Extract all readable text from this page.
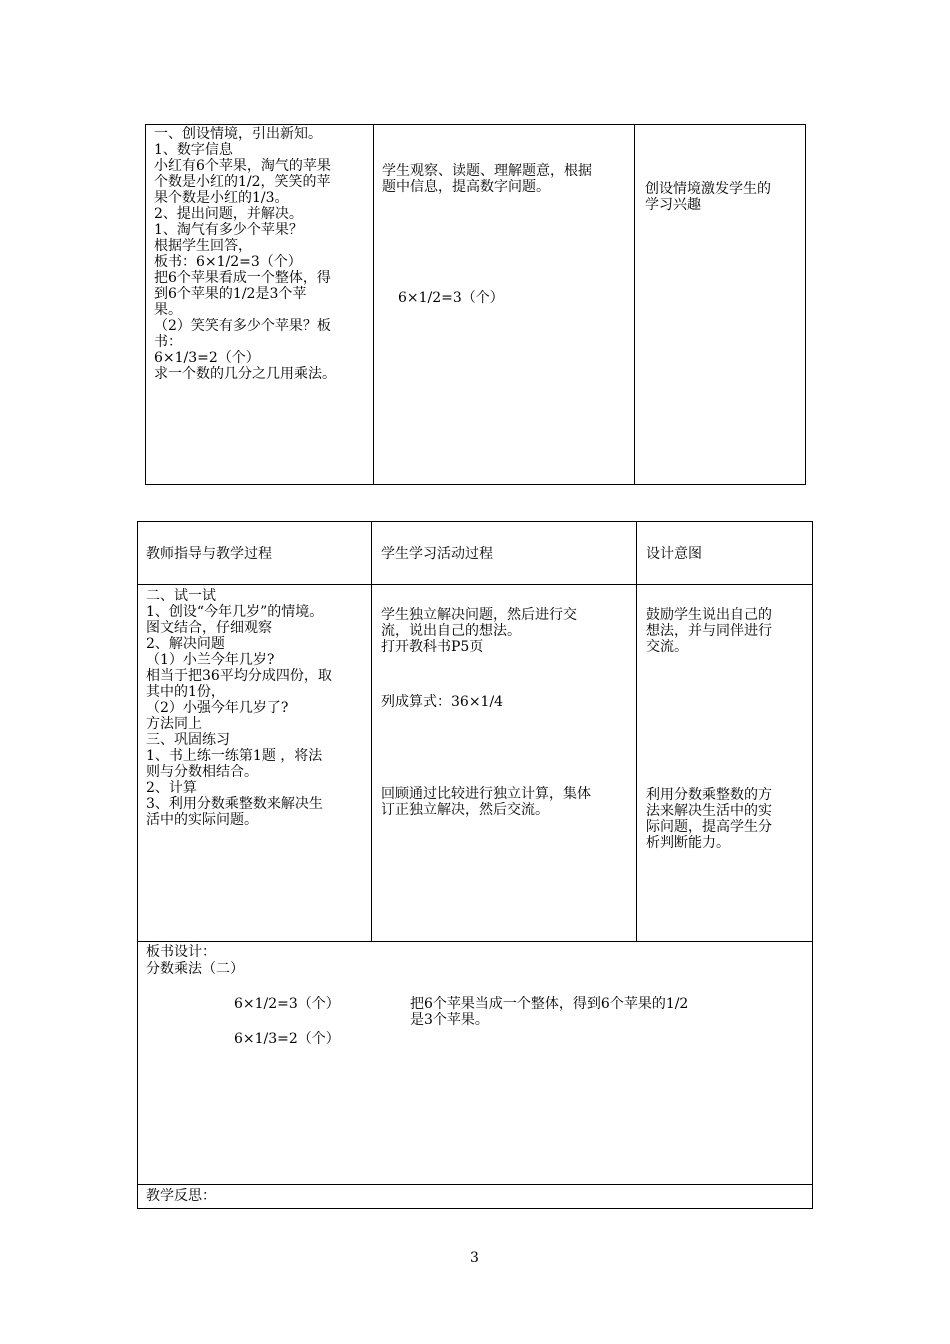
一、创设情境，引出新知。
1、数字信息
小红有6个苹果，淘气的苹果
个数是小红的1/2，笑笑的苹
果个数是小红的1/3。
2、提出问题，并解决。
1、淘气有多少个苹果？
根据学生回答，
板书：6×1/2=3（个）
把6个苹果看成一个整体，得
到6个苹果的1/2是3个苹
果。
（2）笑笑有多少个苹果？板
书：
6×1/3=2（个）
求一个数的几分之几用乘法。
学生观察、读题、理解题意，根据
题中信息，提高数字问题。
6×1/2=3（个）
创设情境激发学生的
学习兴趣
教师指导与教学过程	学生学习活动过程	设计意图
二、试一试
1、创设“今年几岁”的情境。
图文结合，仔细观察
2、解决问题
（1）小兰今年几岁?
相当于把36平均分成四份，取
其中的1份，
（2）小强今年几岁了?
方法同上
三、巩固练习
1、书上练一练第1题 ，将法
则与分数相结合。
2、计算
3、利用分数乘整数来解决生
活中的实际问题。
学生独立解决问题，然后进行交
流，说出自己的想法。
打开教科书P5页
列成算式：36×1/4
回顾通过比较进行独立计算，集体
订正独立解决，然后交流。
鼓励学生说出自己的
想法，并与同伴进行
交流。
利用分数乘整数的方
法来解决生活中的实
际问题，提高学生分
析判断能力。
板书设计：
分数乘法（二）
6×1/2=3（个）
6×1/3=2（个）
把6个苹果当成一个整体，得到6个苹果的1/2
是3个苹果。
教学反思：
3
